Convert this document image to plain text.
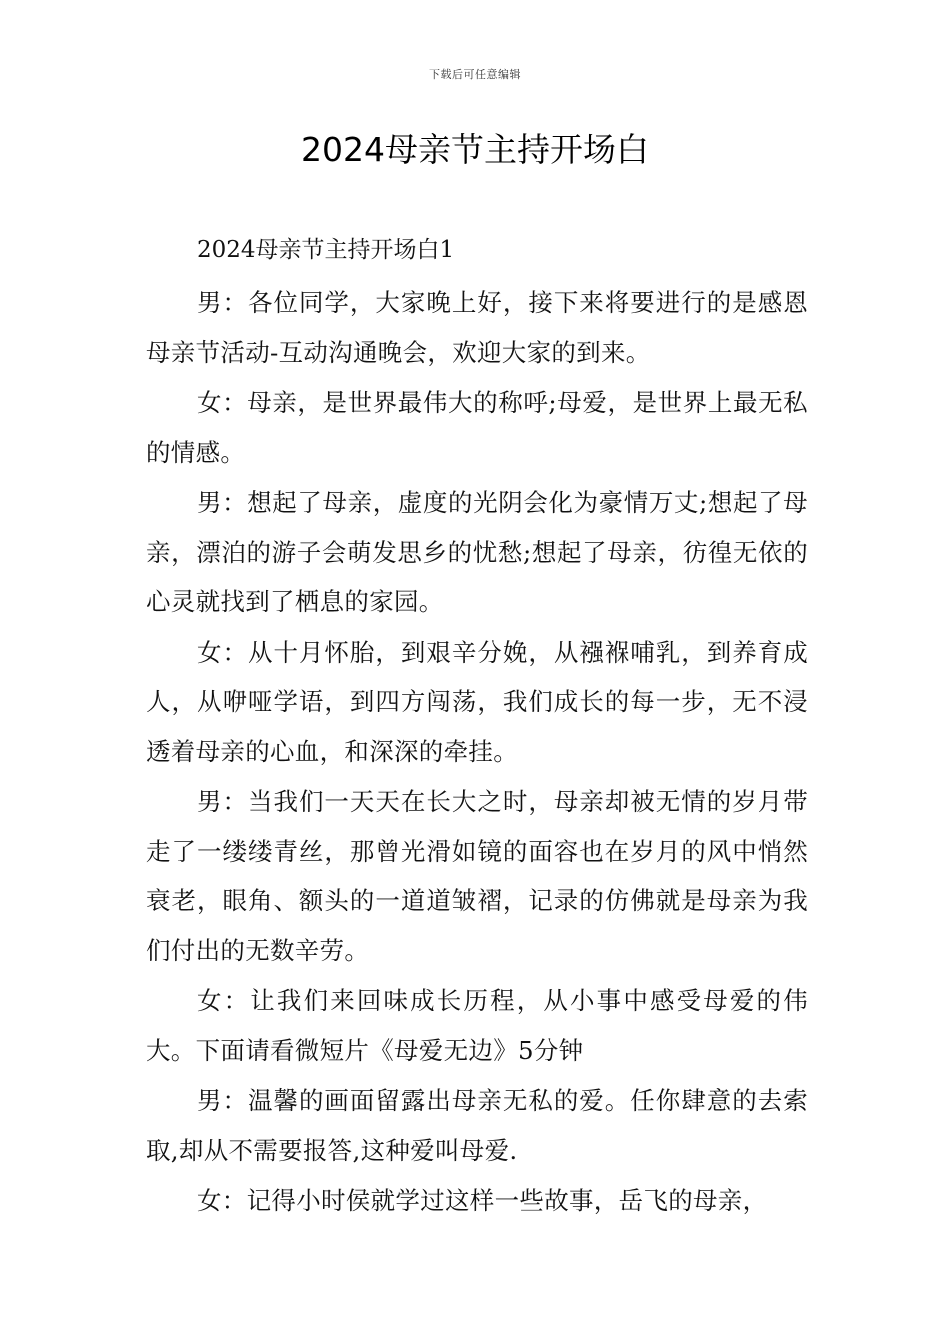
下载后可任意编辑
2024母亲节主持开场白

2024母亲节主持开场白1

男：各位同学，大家晚上好，接下来将要进行的是感恩母亲节活动-互动沟通晚会，欢迎大家的到来。

女：母亲，是世界最伟大的称呼;母爱，是世界上最无私的情感。

男：想起了母亲，虚度的光阴会化为豪情万丈;想起了母亲，漂泊的游子会萌发思乡的忧愁;想起了母亲，彷徨无依的心灵就找到了栖息的家园。

女：从十月怀胎，到艰辛分娩，从襁褓哺乳，到养育成人，从咿哑学语，到四方闯荡，我们成长的每一步，无不浸透着母亲的心血，和深深的牵挂。

男：当我们一天天在长大之时，母亲却被无情的岁月带走了一缕缕青丝，那曾光滑如镜的面容也在岁月的风中悄然衰老，眼角、额头的一道道皱褶，记录的仿佛就是母亲为我们付出的无数辛劳。

女：让我们来回味成长历程，从小事中感受母爱的伟大。下面请看微短片《母爱无边》5分钟

男：温馨的画面留露出母亲无私的爱。任你肆意的去索取,却从不需要报答,这种爱叫母爱.

女：记得小时侯就学过这样一些故事，岳飞的母亲，
